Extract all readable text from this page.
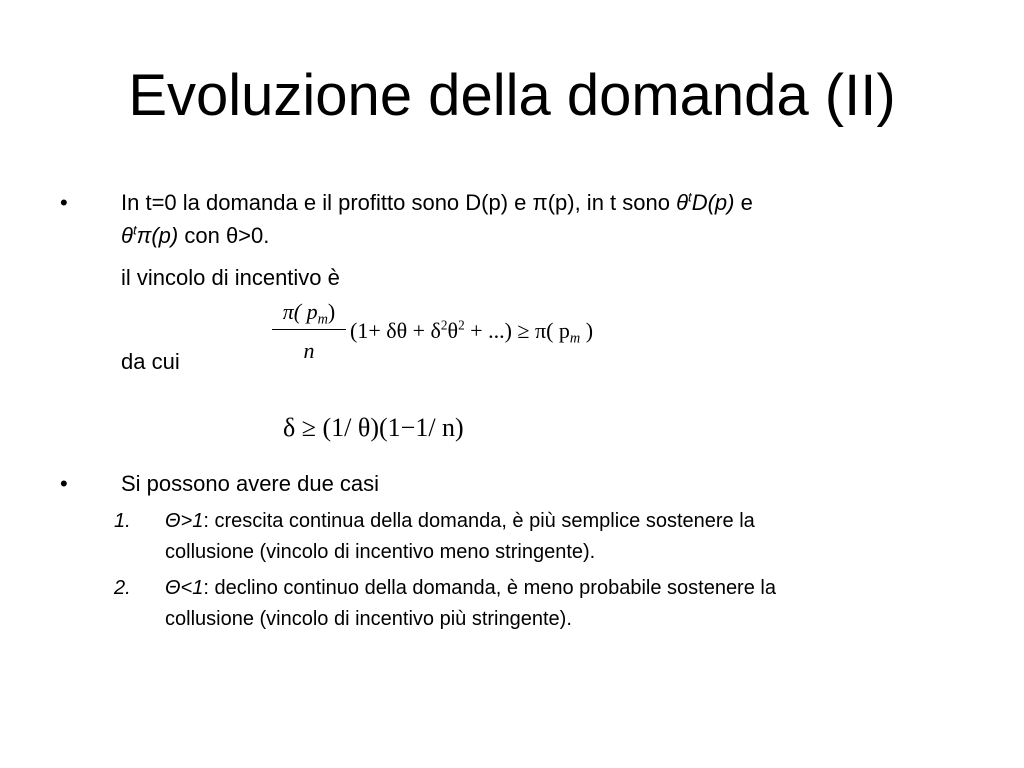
Evoluzione della domanda (II)
• In t=0 la domanda e il profitto sono D(p) e π(p), in t sono $\theta^tD(p)$ e
$\theta^t\pi(p)$ con θ>0.
il vincolo di incentivo è
π( $p_m$)
n
($1+ \delta\theta + \delta^2\theta^2$ + ...) ≥ π( $p_m$ )
da cui
δ ≥ (1/ θ)(1−1/ n)
• Si possono avere due casi
1. Θ>1: crescita continua della domanda, è più semplice sostenere la
collusione (vincolo di incentivo meno stringente).
2. Θ<1: declino continuo della domanda, è meno probabile sostenere la
collusione (vincolo di incentivo più stringente).
